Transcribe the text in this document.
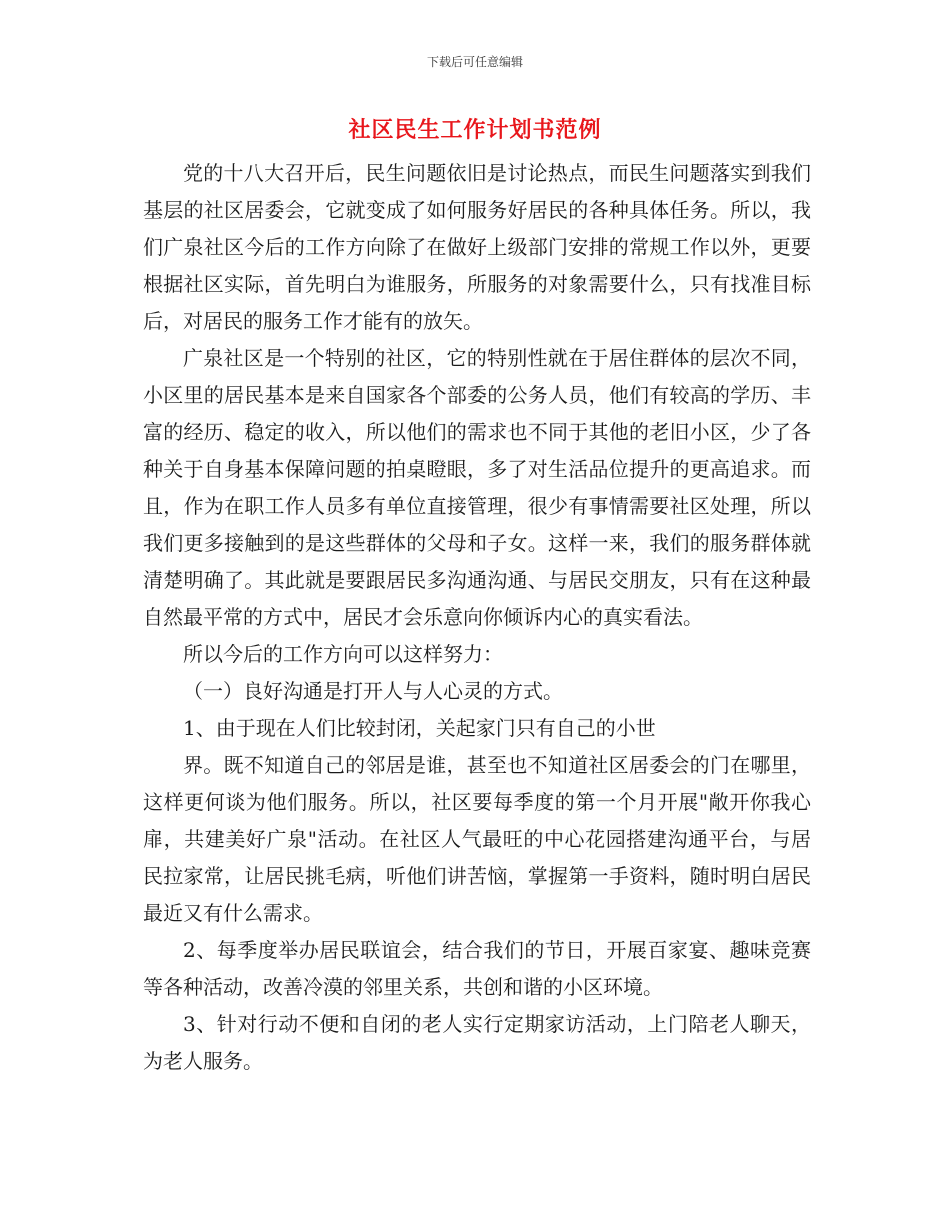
下载后可任意编辑
社区民生工作计划书范例

党的十八大召开后，民生问题依旧是讨论热点，而民生问题落实到我们基层的社区居委会，它就变成了如何服务好居民的各种具体任务。所以，我们广泉社区今后的工作方向除了在做好上级部门安排的常规工作以外，更要根据社区实际，首先明白为谁服务，所服务的对象需要什么，只有找准目标后，对居民的服务工作才能有的放矢。

广泉社区是一个特别的社区，它的特别性就在于居住群体的层次不同，小区里的居民基本是来自国家各个部委的公务人员，他们有较高的学历、丰富的经历、稳定的收入，所以他们的需求也不同于其他的老旧小区，少了各种关于自身基本保障问题的拍桌瞪眼，多了对生活品位提升的更高追求。而且，作为在职工作人员多有单位直接管理，很少有事情需要社区处理，所以我们更多接触到的是这些群体的父母和子女。这样一来，我们的服务群体就清楚明确了。其此就是要跟居民多沟通沟通、与居民交朋友，只有在这种最自然最平常的方式中，居民才会乐意向你倾诉内心的真实看法。

所以今后的工作方向可以这样努力：

（一）良好沟通是打开人与人心灵的方式。

1、由于现在人们比较封闭，关起家门只有自己的小世

界。既不知道自己的邻居是谁，甚至也不知道社区居委会的门在哪里，这样更何谈为他们服务。所以，社区要每季度的第一个月开展"敞开你我心扉，共建美好广泉"活动。在社区人气最旺的中心花园搭建沟通平台，与居民拉家常，让居民挑毛病，听他们讲苦恼，掌握第一手资料，随时明白居民最近又有什么需求。

2、每季度举办居民联谊会，结合我们的节日，开展百家宴、趣味竞赛等各种活动，改善冷漠的邻里关系，共创和谐的小区环境。

3、针对行动不便和自闭的老人实行定期家访活动，上门陪老人聊天，为老人服务。
